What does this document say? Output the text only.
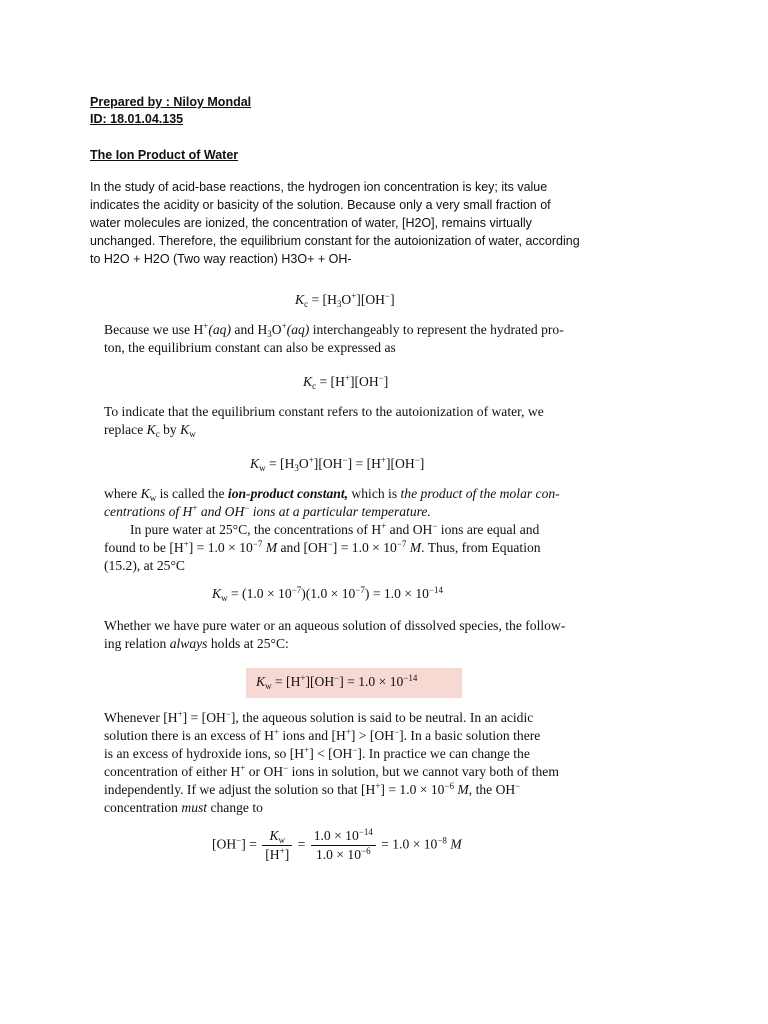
Prepared by : Niloy Mondal
ID: 18.01.04.135
The Ion Product of Water
In the study of acid-base reactions, the hydrogen ion concentration is key; its value
indicates the acidity or basicity of the solution. Because only a very small fraction of
water molecules are ionized, the concentration of water, [H2O], remains virtually
unchanged. Therefore, the equilibrium constant for the autoionization of water, according
to H2O + H2O (Two way reaction) H3O+ + OH-
$K_c = [H_3O^+][OH^-]$
Because we use H+(aq) and $H_3O^+(aq)$ interchangeably to represent the hydrated pro-
ton, the equilibrium constant can also be expressed as
$K_c = [H^+][OH^-]$
To indicate that the equilibrium constant refers to the autoionization of water, we
replace $K_c$ by $K_w$
$K_w = [H_3O^+][OH^-] = [H^+][OH^-]$
where $K_w$ is called the ion-product constant, which is the product of the molar con-
centrations of H+ and OH− ions at a particular temperature.
In pure water at 25°C, the concentrations of H+ and OH− ions are equal and
found to be $[H^+] = 1.0 \times 10^{-7}$ M and $[OH^-] = 1.0 \times 10^{-7}$ M. Thus, from Equation
(15.2), at 25°C
$K_w = (1.0 \times 10^{-7})(1.0 \times 10^{-7}) = 1.0 \times 10^{-14}$
Whether we have pure water or an aqueous solution of dissolved species, the follow-
ing relation always holds at 25°C:
$K_w = [H^+][OH^-] = 1.0 \times 10^{-14}$
Whenever [H+] = [OH−], the aqueous solution is said to be neutral. In an acidic
solution there is an excess of H+ ions and [H+] > [OH−]. In a basic solution there
is an excess of hydroxide ions, so [H+] < [OH−]. In practice we can change the
concentration of either H+ or OH− ions in solution, but we cannot vary both of them
independently. If we adjust the solution so that $[H^+] = 1.0 \times 10^{-6}$ M, the OH−
concentration must change to
$[OH^-] = \frac{K_w}{[H^+]} = \frac{1.0 \times 10^{-14}}{1.0 \times 10^{-6}} = 1.0 \times 10^{-8}$ M
